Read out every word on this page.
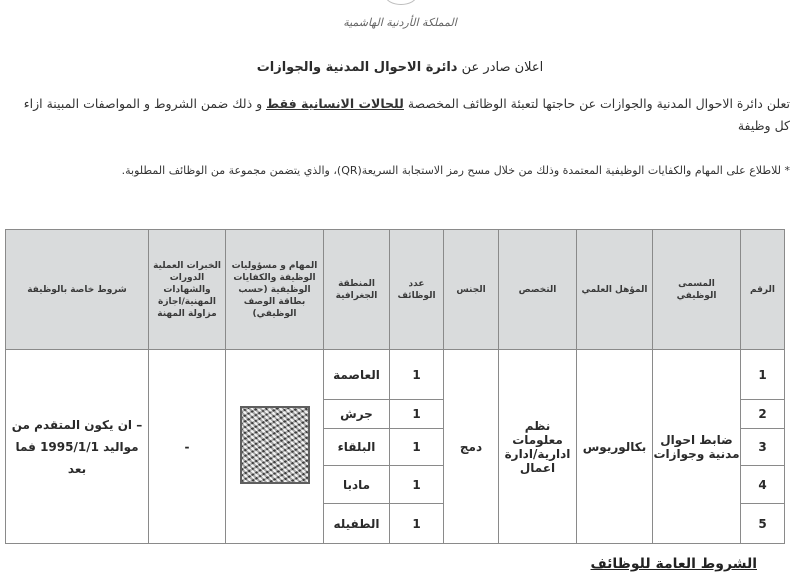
المملكة الأردنية الهاشمية
اعلان صادر عن دائرة الاحوال المدنية والجوازات
تعلن دائرة الاحوال المدنية والجوازات عن حاجتها لتعبئة الوظائف المخصصة للحالات الانسانية فقط و ذلك ضمن الشروط و المواصفات المبينة ازاء كل وظيفة
* للاطلاع على المهام والكفايات الوظيفية المعتمدة وذلك من خلال مسح رمز الاستجابة السريعة(QR)، والذي يتضمن مجموعة من الوظائف المطلوبة.
الرقم	المسمى الوظيفي	المؤهل العلمي	التخصص	الجنس	عدد الوظائف	المنطقة الجغرافية	المهام و مسؤوليات الوظيفة والكفايات الوظيفية (حسب بطاقة الوصف الوظيفي)	الخبرات العملية الدورات والشهادات المهنية/اجازة مزاولة المهنة	شروط خاصة بالوظيفة
1	ضابط احوال مدنية وجوازات	بكالوريوس	نظم معلومات ادارية/ادارة اعمال	دمج	1	العاصمة		-	– ان يكون المتقدم من مواليد 1995/1/1 فما بعد
2					1	جرش			
3					1	البلقاء			
4					1	مادبا			
5					1	الطفيله			
الشروط العامة للوظائف
